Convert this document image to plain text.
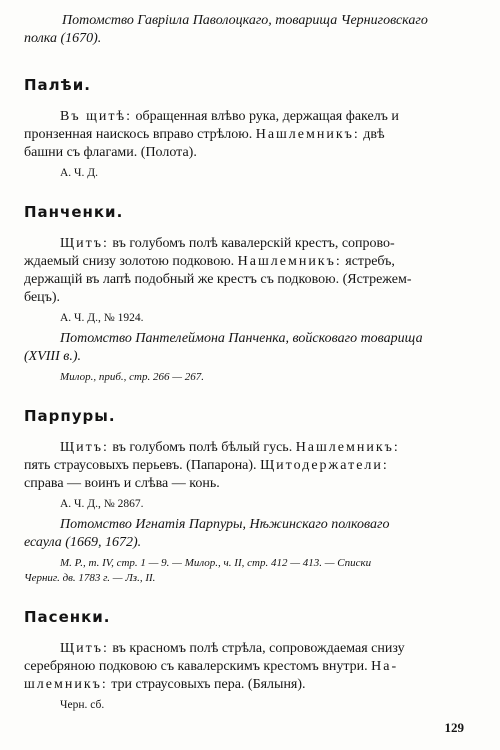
Потомство Гавріила Паволоцкаго, товарища Черниговскаго

полка (1670).

Палѣи.

Въ щитѣ: обращенная влѣво рука, держащая факелъ и

пронзенная наискось вправо стрѣлою. Нашлемникъ: двѣ

башни съ флагами. (Полота).

А. Ч. Д.

Панченки.

Щитъ: въ голубомъ полѣ кавалерскій крестъ, сопрово-

ждаемый снизу золотою подковою. Нашлемникъ: ястребъ,

держащій въ лапѣ подобный же крестъ съ подковою. (Ястрежем-

бецъ).

А. Ч. Д., № 1924.

Потомство Пантелеймона Панченка, войсковаго товарища

(XVIII в.).

Милор., приб., стр. 266 — 267.

Парпуры.

Щитъ: въ голубомъ полѣ бѣлый гусь. Нашлемникъ:

пять страусовыхъ перьевъ. (Папарона). Щитодержатели:

справа — воинъ и слѣва — конь.

А. Ч. Д., № 2867.

Потомство Игнатія Парпуры, Нѣжинскаго полковаго

есаула (1669, 1672).

М. Р., т. IV, стр. 1 — 9. — Милор., ч. II, стр. 412 — 413. — Списки

Черниг. дв. 1783 г. — Лз., II.

Пасенки.

Щитъ: въ красномъ полѣ стрѣла, сопровождаемая снизу

серебряною подковою съ кавалерскимъ крестомъ внутри. На-

шлемникъ: три страусовыхъ пера. (Бялыня).

Черн. сб.

129
